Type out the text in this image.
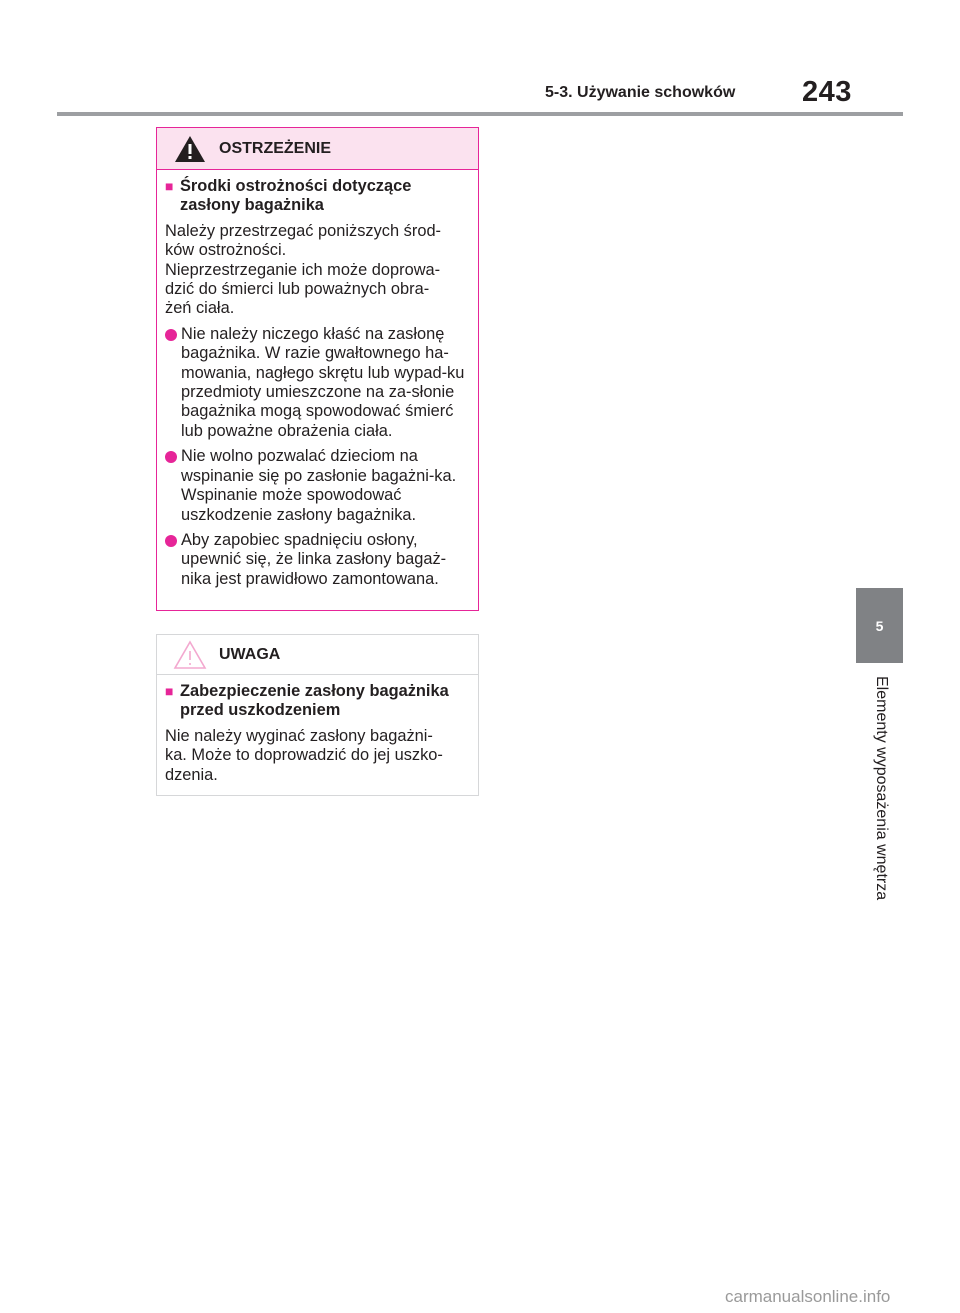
5-3. Używanie schowków 243
OSTRZEŻENIE
■ Środki ostrożności dotyczące zasłony bagażnika
Należy przestrzegać poniższych środ-
ków ostrożności.
Nieprzestrzeganie ich może doprowa-
dzić do śmierci lub poważnych obra-
żeń ciała.
Nie należy niczego kłaść na zasłonę bagażnika. W razie gwałtownego ha-mowania, nagłego skrętu lub wypad-ku przedmioty umieszczone na za-słonie bagażnika mogą spowodować śmierć lub poważne obrażenia ciała.
Nie wolno pozwalać dzieciom na wspinanie się po zasłonie bagażni-ka. Wspinanie może spowodować uszkodzenie zasłony bagażnika.
Aby zapobiec spadnięciu osłony, upewnić się, że linka zasłony bagaż-nika jest prawidłowo zamontowana.
UWAGA
■ Zabezpieczenie zasłony bagażnika przed uszkodzeniem
Nie należy wyginać zasłony bagażni-
ka. Może to doprowadzić do jej uszko-
dzenia.
5
Elementy wyposażenia wnętrza
carmanualsonline.info
